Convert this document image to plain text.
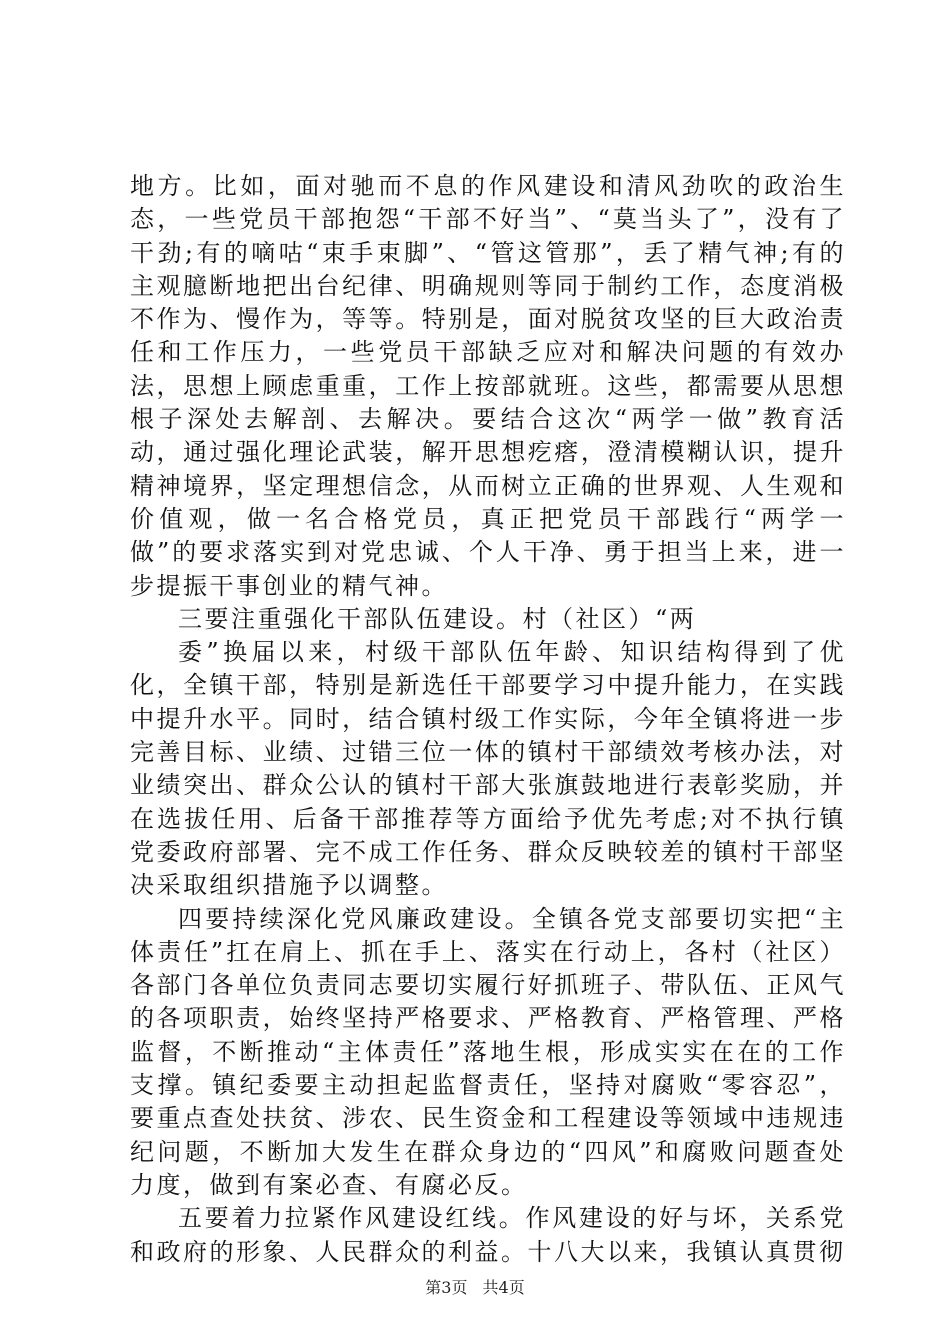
地方。比如，面对驰而不息的作风建设和清风劲吹的政治生态，一些党员干部抱怨“干部不好当”、“莫当头了”，没有了干劲;有的嘀咕“束手束脚”、“管这管那”，丢了精气神;有的主观臆断地把出台纪律、明确规则等同于制约工作，态度消极不作为、慢作为，等等。特别是，面对脱贫攻坚的巨大政治责任和工作压力，一些党员干部缺乏应对和解决问题的有效办法，思想上顾虑重重，工作上按部就班。这些，都需要从思想根子深处去解剖、去解决。要结合这次“两学一做”教育活动，通过强化理论武装，解开思想疙瘩，澄清模糊认识，提升精神境界，坚定理想信念，从而树立正确的世界观、人生观和价值观，做一名合格党员，真正把党员干部践行“两学一做”的要求落实到对党忠诚、个人干净、勇于担当上来，进一步提振干事创业的精气神。

三要注重强化干部队伍建设。村（社区）“两

委”换届以来，村级干部队伍年龄、知识结构得到了优化，全镇干部，特别是新选任干部要学习中提升能力，在实践中提升水平。同时，结合镇村级工作实际，今年全镇将进一步完善目标、业绩、过错三位一体的镇村干部绩效考核办法，对业绩突出、群众公认的镇村干部大张旗鼓地进行表彰奖励，并在选拔任用、后备干部推荐等方面给予优先考虑;对不执行镇党委政府部署、完不成工作任务、群众反映较差的镇村干部坚决采取组织措施予以调整。

四要持续深化党风廉政建设。全镇各党支部要切实把“主体责任”扛在肩上、抓在手上、落实在行动上，各村（社区）各部门各单位负责同志要切实履行好抓班子、带队伍、正风气的各项职责，始终坚持严格要求、严格教育、严格管理、严格监督，不断推动“主体责任”落地生根，形成实实在在的工作支撑。镇纪委要主动担起监督责任，坚持对腐败“零容忍”，要重点查处扶贫、涉农、民生资金和工程建设等领域中违规违纪问题，不断加大发生在群众身边的“四风”和腐败问题查处力度，做到有案必查、有腐必反。

五要着力拉紧作风建设红线。作风建设的好与坏，关系党和政府的形象、人民群众的利益。十八大以来，我镇认真贯彻

第3页 共4页
